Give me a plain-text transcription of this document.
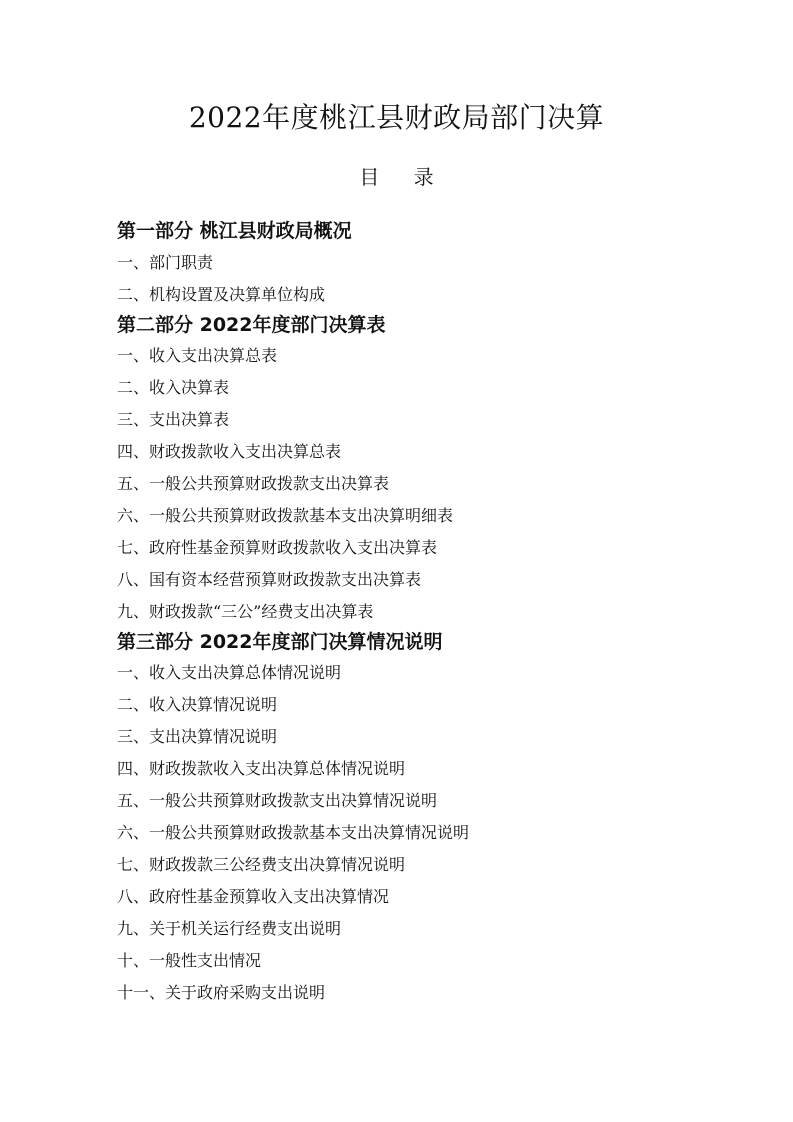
2022年度桃江县财政局部门决算
目 录
第一部分 桃江县财政局概况
一、部门职责
二、机构设置及决算单位构成
第二部分 2022年度部门决算表
一、收入支出决算总表
二、收入决算表
三、支出决算表
四、财政拨款收入支出决算总表
五、一般公共预算财政拨款支出决算表
六、一般公共预算财政拨款基本支出决算明细表
七、政府性基金预算财政拨款收入支出决算表
八、国有资本经营预算财政拨款支出决算表
九、财政拨款“三公”经费支出决算表
第三部分 2022年度部门决算情况说明
一、收入支出决算总体情况说明
二、收入决算情况说明
三、支出决算情况说明
四、财政拨款收入支出决算总体情况说明
五、一般公共预算财政拨款支出决算情况说明
六、一般公共预算财政拨款基本支出决算情况说明
七、财政拨款三公经费支出决算情况说明
八、政府性基金预算收入支出决算情况
九、关于机关运行经费支出说明
十、一般性支出情况
十一、关于政府采购支出说明
